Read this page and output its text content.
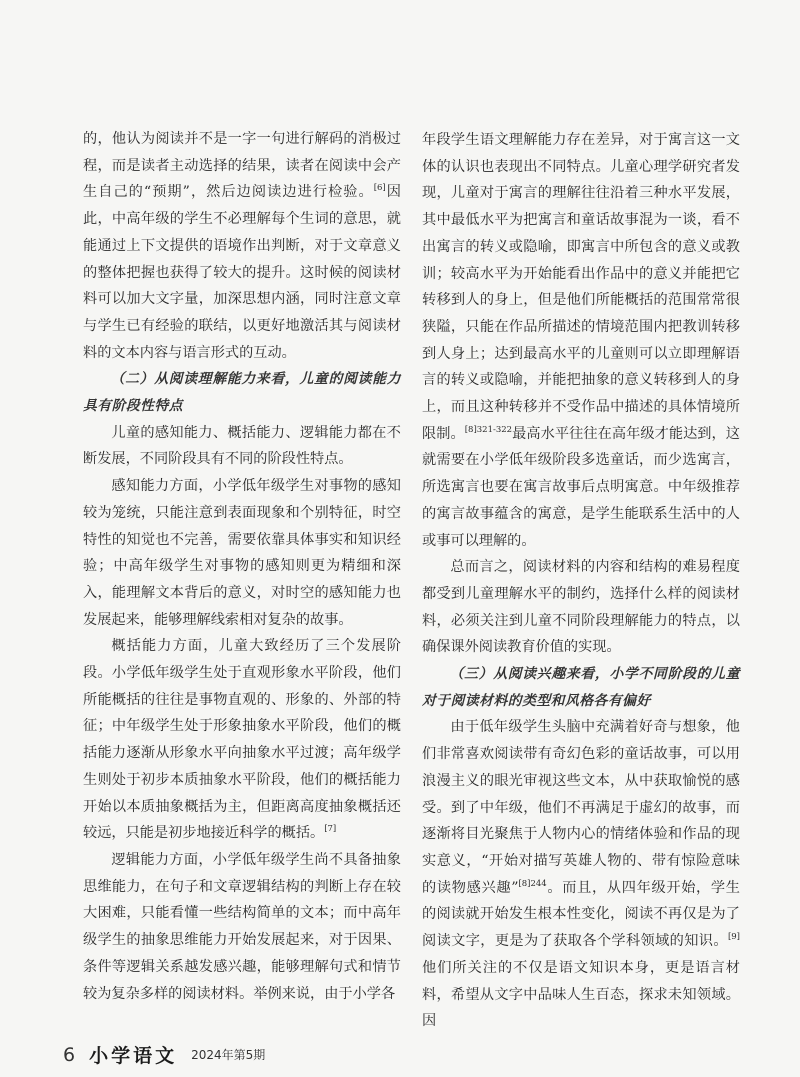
的，他认为阅读并不是一字一句进行解码的消极过程，而是读者主动选择的结果，读者在阅读中会产生自己的“预期”，然后边阅读边进行检验。[6]因此，中高年级的学生不必理解每个生词的意思，就能通过上下文提供的语境作出判断，对于文章意义的整体把握也获得了较大的提升。这时候的阅读材料可以加大文字量，加深思想内涵，同时注意文章与学生已有经验的联结，以更好地激活其与阅读材料的文本内容与语言形式的互动。

（二）从阅读理解能力来看，儿童的阅读能力具有阶段性特点

儿童的感知能力、概括能力、逻辑能力都在不断发展，不同阶段具有不同的阶段性特点。

感知能力方面，小学低年级学生对事物的感知较为笼统，只能注意到表面现象和个别特征，时空特性的知觉也不完善，需要依靠具体事实和知识经验；中高年级学生对事物的感知则更为精细和深入，能理解文本背后的意义，对时空的感知能力也发展起来，能够理解线索相对复杂的故事。

概括能力方面，儿童大致经历了三个发展阶段。小学低年级学生处于直观形象水平阶段，他们所能概括的往往是事物直观的、形象的、外部的特征；中年级学生处于形象抽象水平阶段，他们的概括能力逐渐从形象水平向抽象水平过渡；高年级学生则处于初步本质抽象水平阶段，他们的概括能力开始以本质抽象概括为主，但距离高度抽象概括还较远，只能是初步地接近科学的概括。[7]

逻辑能力方面，小学低年级学生尚不具备抽象思维能力，在句子和文章逻辑结构的判断上存在较大困难，只能看懂一些结构简单的文本；而中高年级学生的抽象思维能力开始发展起来，对于因果、条件等逻辑关系越发感兴趣，能够理解句式和情节较为复杂多样的阅读材料。举例来说，由于小学各

年段学生语文理解能力存在差异，对于寓言这一文体的认识也表现出不同特点。儿童心理学研究者发现，儿童对于寓言的理解往往沿着三种水平发展，其中最低水平为把寓言和童话故事混为一谈，看不出寓言的转义或隐喻，即寓言中所包含的意义或教训；较高水平为开始能看出作品中的意义并能把它转移到人的身上，但是他们所能概括的范围常常很狭隘，只能在作品所描述的情境范围内把教训转移到人身上；达到最高水平的儿童则可以立即理解语言的转义或隐喻，并能把抽象的意义转移到人的身上，而且这种转移并不受作品中描述的具体情境所限制。$^{[8]321-322}$最高水平往往在高年级才能达到，这就需要在小学低年级阶段多选童话，而少选寓言，所选寓言也要在寓言故事后点明寓意。中年级推荐的寓言故事蕴含的寓意，是学生能联系生活中的人或事可以理解的。

总而言之，阅读材料的内容和结构的难易程度都受到儿童理解水平的制约，选择什么样的阅读材料，必须关注到儿童不同阶段理解能力的特点，以确保课外阅读教育价值的实现。

（三）从阅读兴趣来看，小学不同阶段的儿童对于阅读材料的类型和风格各有偏好

由于低年级学生头脑中充满着好奇与想象，他们非常喜欢阅读带有奇幻色彩的童话故事，可以用浪漫主义的眼光审视这些文本，从中获取愉悦的感受。到了中年级，他们不再满足于虚幻的故事，而逐渐将目光聚焦于人物内心的情绪体验和作品的现实意义，“开始对描写英雄人物的、带有惊险意味的读物感兴趣”$^{[8]244}$。而且，从四年级开始，学生的阅读就开始发生根本性变化，阅读不再仅是为了阅读文字，更是为了获取各个学科领域的知识。[9]他们所关注的不仅是语文知识本身，更是语言材料，希望从文字中品味人生百态，探求未知领域。因

6 小学语文 2024年第5期
